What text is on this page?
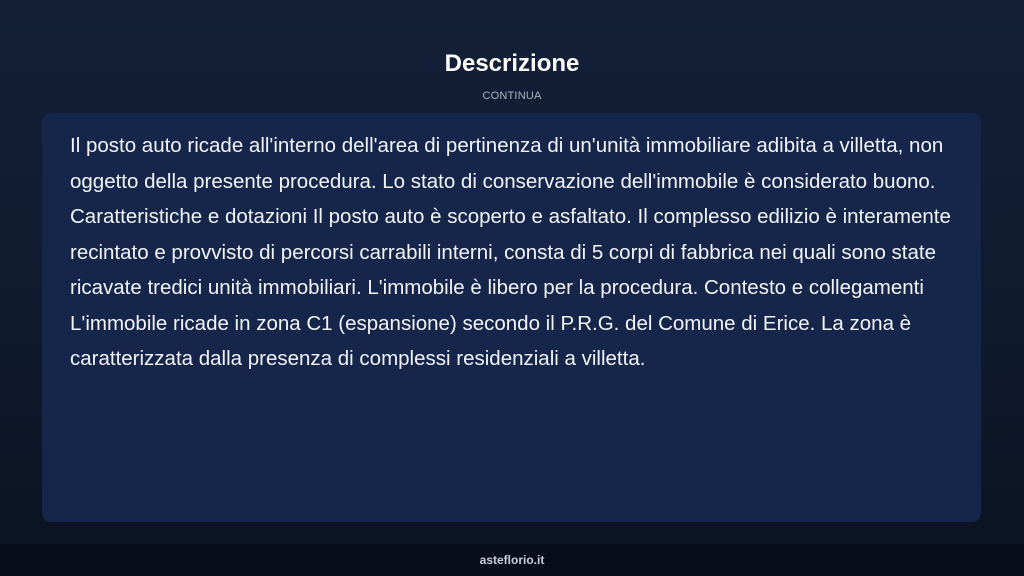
Descrizione
CONTINUA

Il posto auto ricade all'interno dell'area di pertinenza di un'unità immobiliare adibita a villetta, non oggetto della presente procedura. Lo stato di conservazione dell'immobile è considerato buono. Caratteristiche e dotazioni Il posto auto è scoperto e asfaltato. Il complesso edilizio è interamente recintato e provvisto di percorsi carrabili interni, consta di 5 corpi di fabbrica nei quali sono state ricavate tredici unità immobiliari. L'immobile è libero per la procedura. Contesto e collegamenti L'immobile ricade in zona C1 (espansione) secondo il P.R.G. del Comune di Erice. La zona è caratterizzata dalla presenza di complessi residenziali a villetta.

asteflorio.it
